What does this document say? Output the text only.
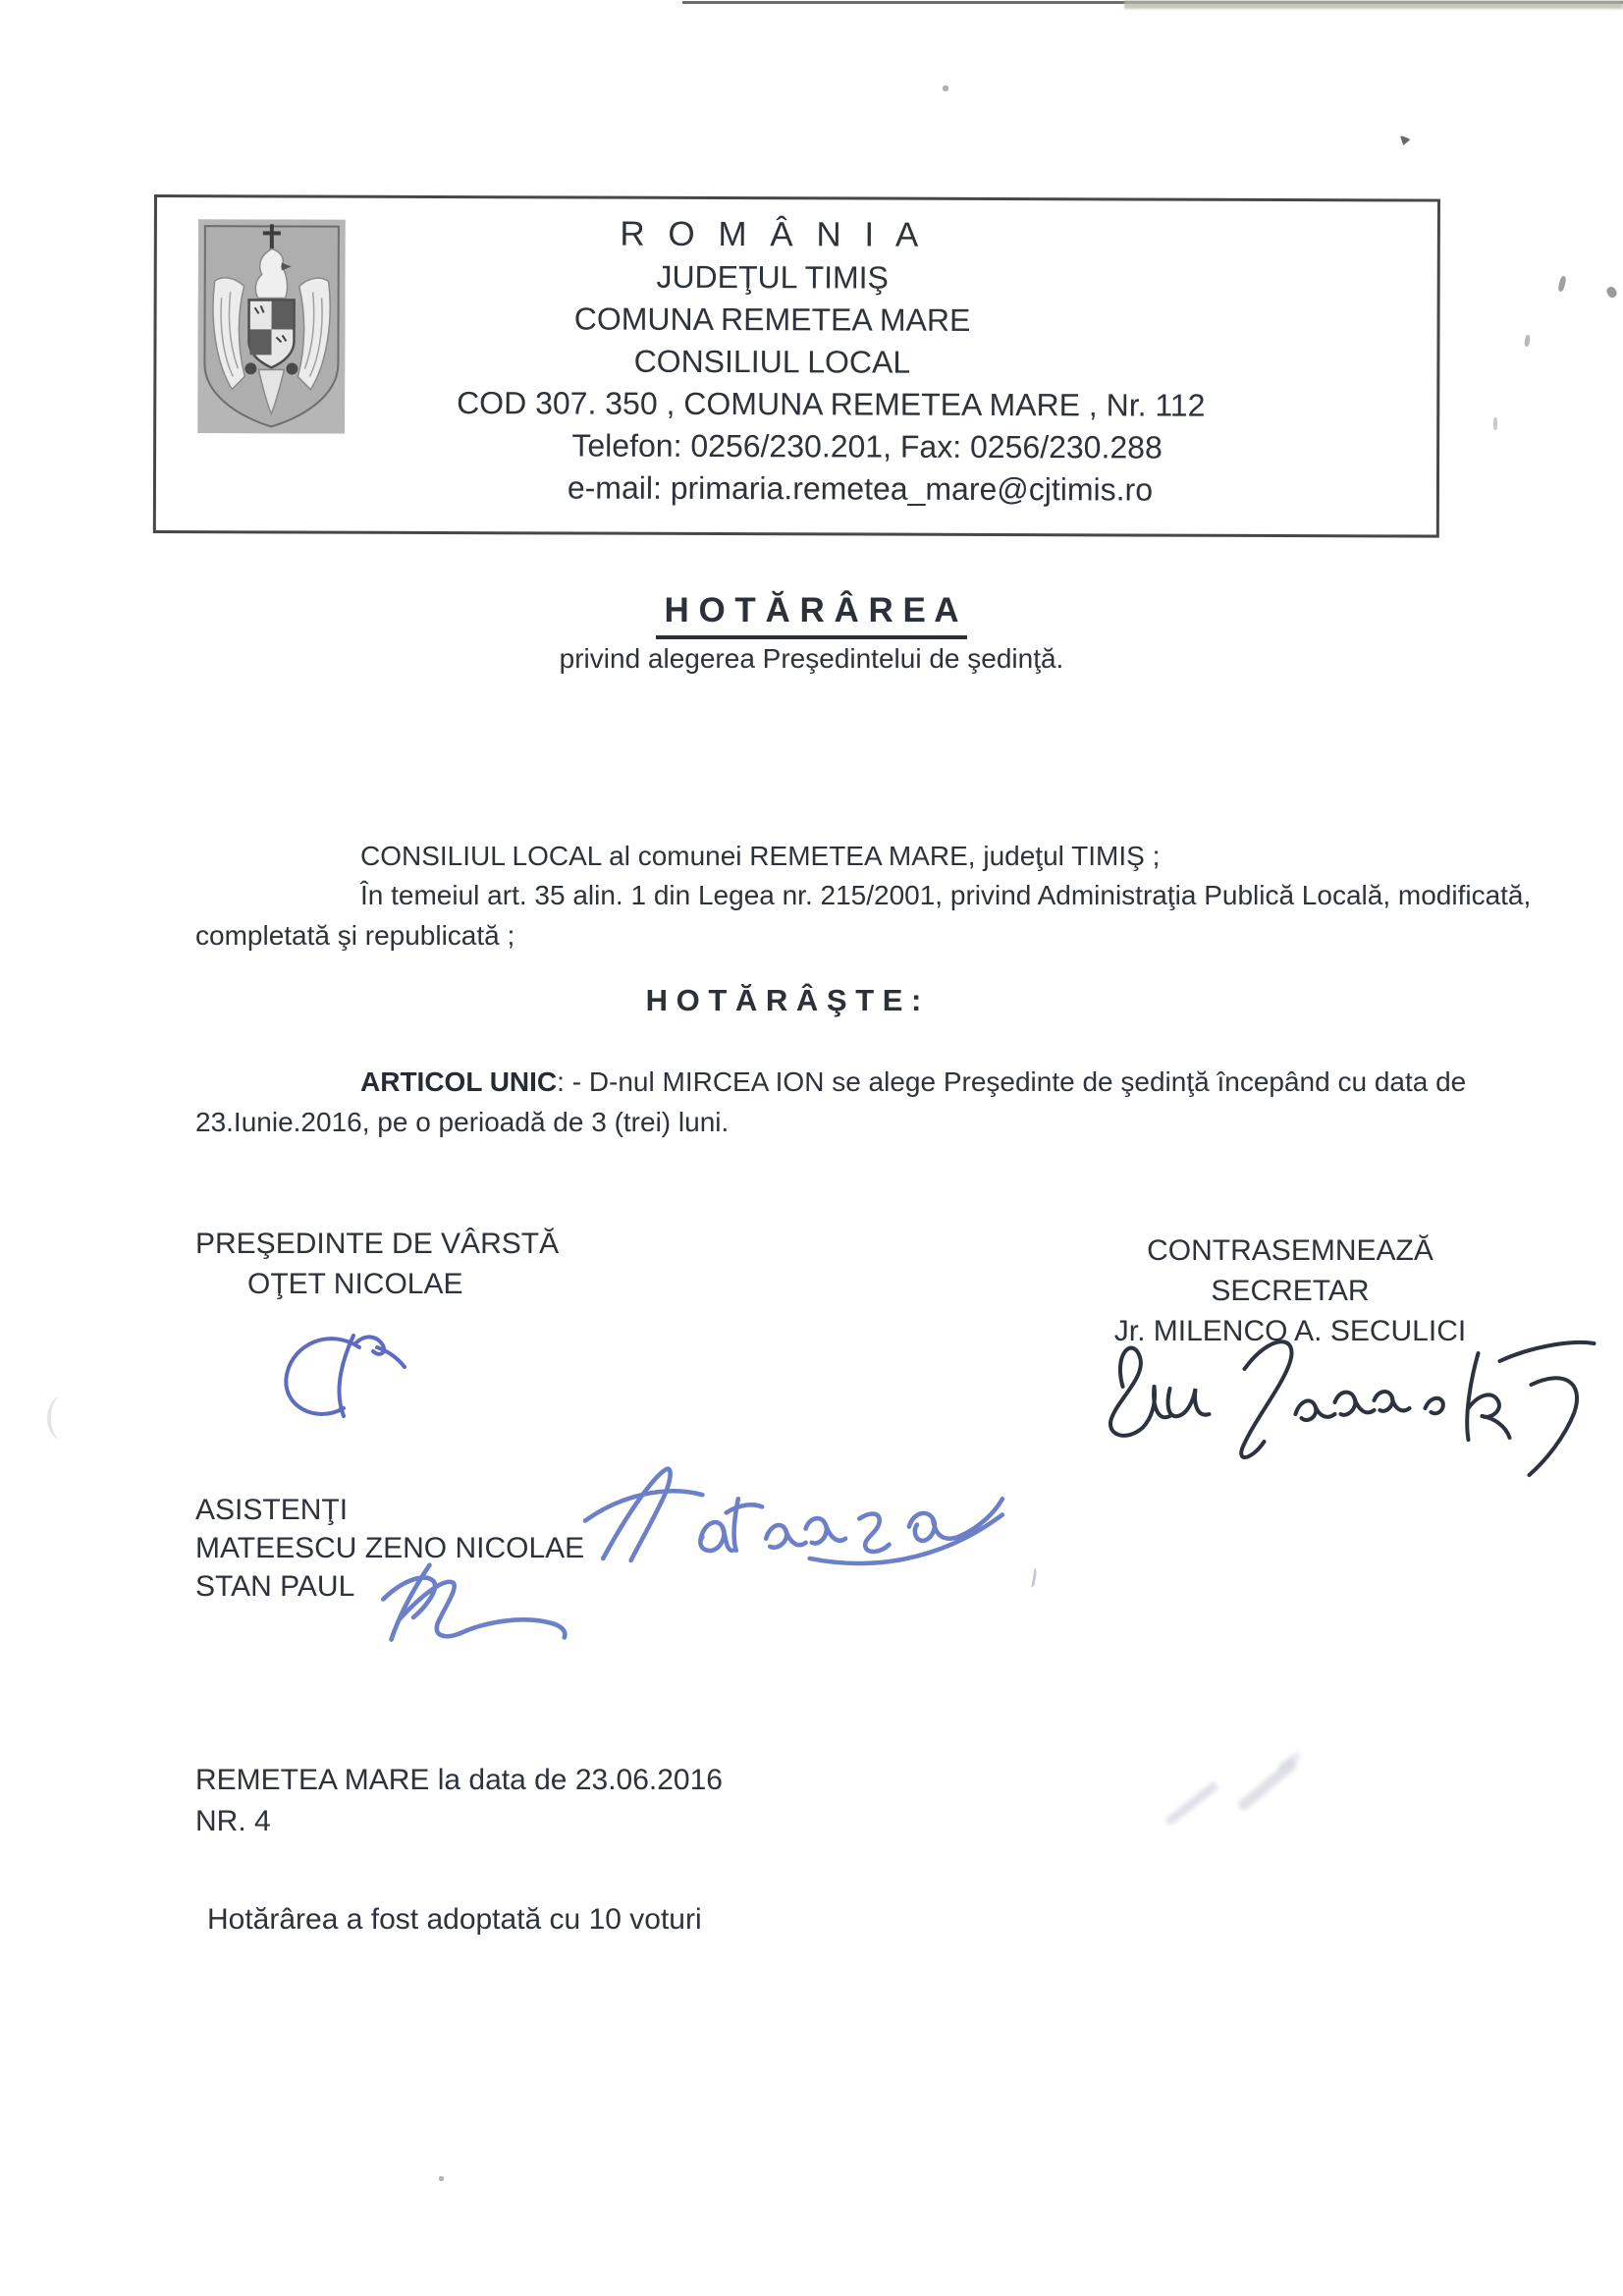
R O M Â N I A
JUDEŢUL TIMIŞ
COMUNA REMETEA MARE
CONSILIUL LOCAL
COD 307. 350 , COMUNA REMETEA MARE , Nr. 112
Telefon: 0256/230.201, Fax: 0256/230.288
e-mail: primaria.remetea_mare@cjtimis.ro
H O T Ă R Â R E A
privind alegerea Preşedintelui de şedinţă.
CONSILIUL LOCAL al comunei REMETEA MARE, judeţul TIMIŞ ;
În temeiul art. 35 alin. 1 din Legea nr. 215/2001, privind Administraţia Publică Locală, modificată,
completată şi republicată ;
H O T Ă R Â Ş T E :
ARTICOL UNIC: - D-nul MIRCEA ION se alege Preşedinte de şedinţă începând cu data de
23.Iunie.2016, pe o perioadă de 3 (trei) luni.
PREŞEDINTE DE VÂRSTĂ
OŢET NICOLAE
CONTRASEMNEAZĂ
SECRETAR
Jr. MILENCO A. SECULICI
ASISTENŢI
MATEESCU ZENO NICOLAE
STAN PAUL
REMETEA MARE la data de 23.06.2016
NR. 4
Hotărârea a fost adoptată cu 10 voturi
